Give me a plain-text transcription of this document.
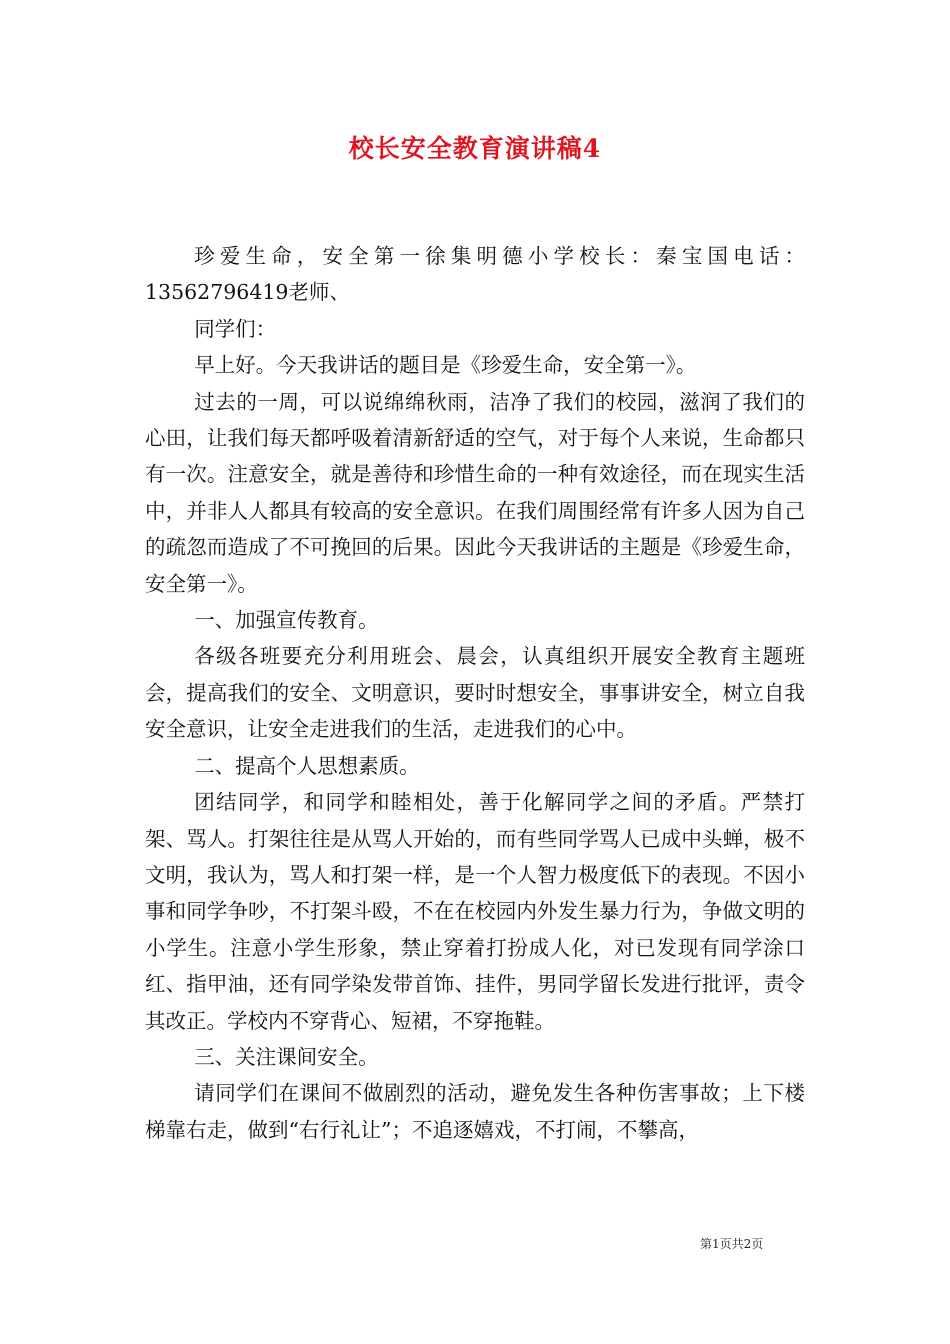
校长安全教育演讲稿4

珍爱生命，安全第一徐集明德小学校长：秦宝国电话：13562796419老师、

同学们：

早上好。今天我讲话的题目是《珍爱生命，安全第一》。

过去的一周，可以说绵绵秋雨，洁净了我们的校园，滋润了我们的心田，让我们每天都呼吸着清新舒适的空气，对于每个人来说，生命都只有一次。注意安全，就是善待和珍惜生命的一种有效途径，而在现实生活中，并非人人都具有较高的安全意识。在我们周围经常有许多人因为自己的疏忽而造成了不可挽回的后果。因此今天我讲话的主题是《珍爱生命，安全第一》。

一、加强宣传教育。

各级各班要充分利用班会、晨会，认真组织开展安全教育主题班会，提高我们的安全、文明意识，要时时想安全，事事讲安全，树立自我安全意识，让安全走进我们的生活，走进我们的心中。

二、提高个人思想素质。

团结同学，和同学和睦相处，善于化解同学之间的矛盾。严禁打架、骂人。打架往往是从骂人开始的，而有些同学骂人已成中头蝉，极不文明，我认为，骂人和打架一样，是一个人智力极度低下的表现。不因小事和同学争吵，不打架斗殴，不在在校园内外发生暴力行为，争做文明的小学生。注意小学生形象，禁止穿着打扮成人化，对已发现有同学涂口红、指甲油，还有同学染发带首饰、挂件，男同学留长发进行批评，责令其改正。学校内不穿背心、短裙，不穿拖鞋。

三、关注课间安全。

请同学们在课间不做剧烈的活动，避免发生各种伤害事故；上下楼梯靠右走，做到“右行礼让”；不追逐嬉戏，不打闹，不攀高，

第1页共2页
